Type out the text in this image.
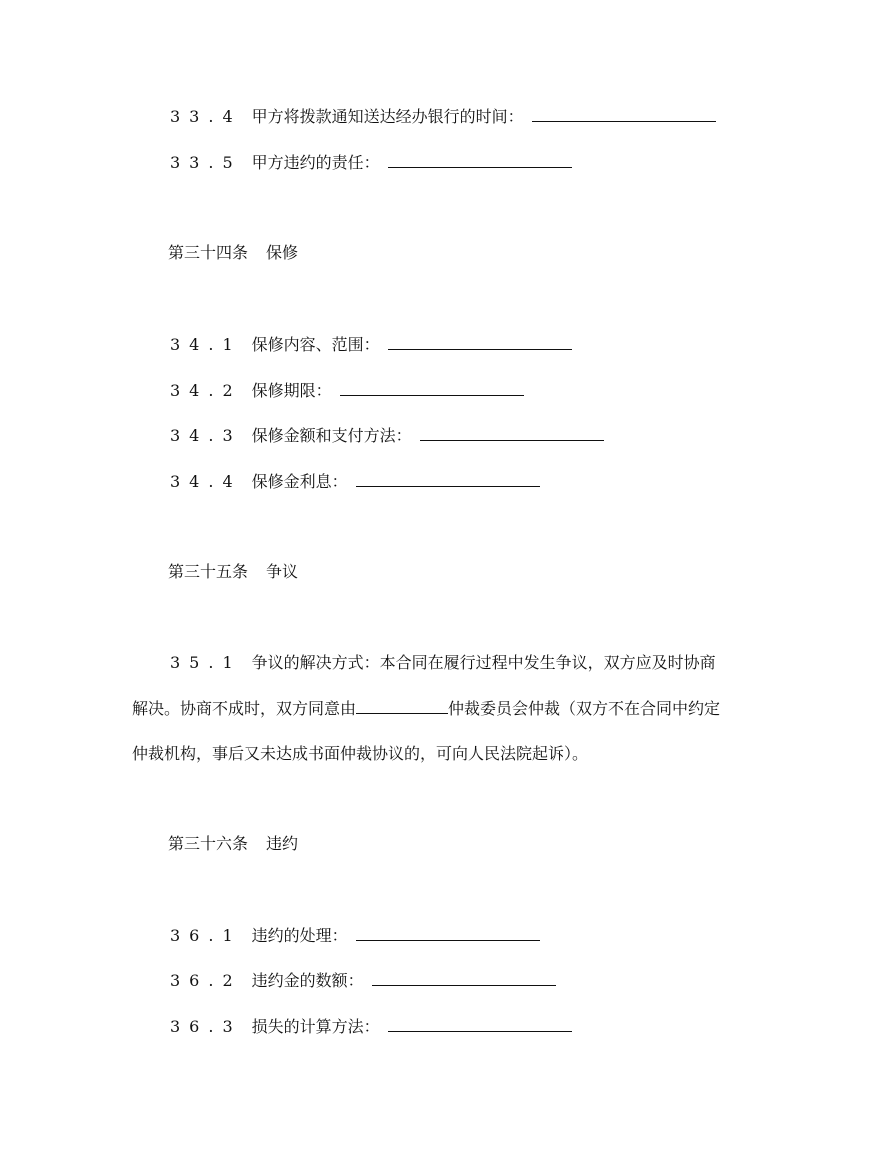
33.4 甲方将拨款通知送达经办银行的时间：
33.5 甲方违约的责任：
第三十四条 保修
34.1 保修内容、范围：
34.2 保修期限：
34.3 保修金额和支付方法：
34.4 保修金利息：
第三十五条 争议
35.1 争议的解决方式：本合同在履行过程中发生争议，双方应及时协商
解决。协商不成时，双方同意由	仲裁委员会仲裁（双方不在合同中约定
仲裁机构，事后又未达成书面仲裁协议的，可向人民法院起诉）。
第三十六条 违约
36.1 违约的处理：
36.2 违约金的数额：
36.3 损失的计算方法：
